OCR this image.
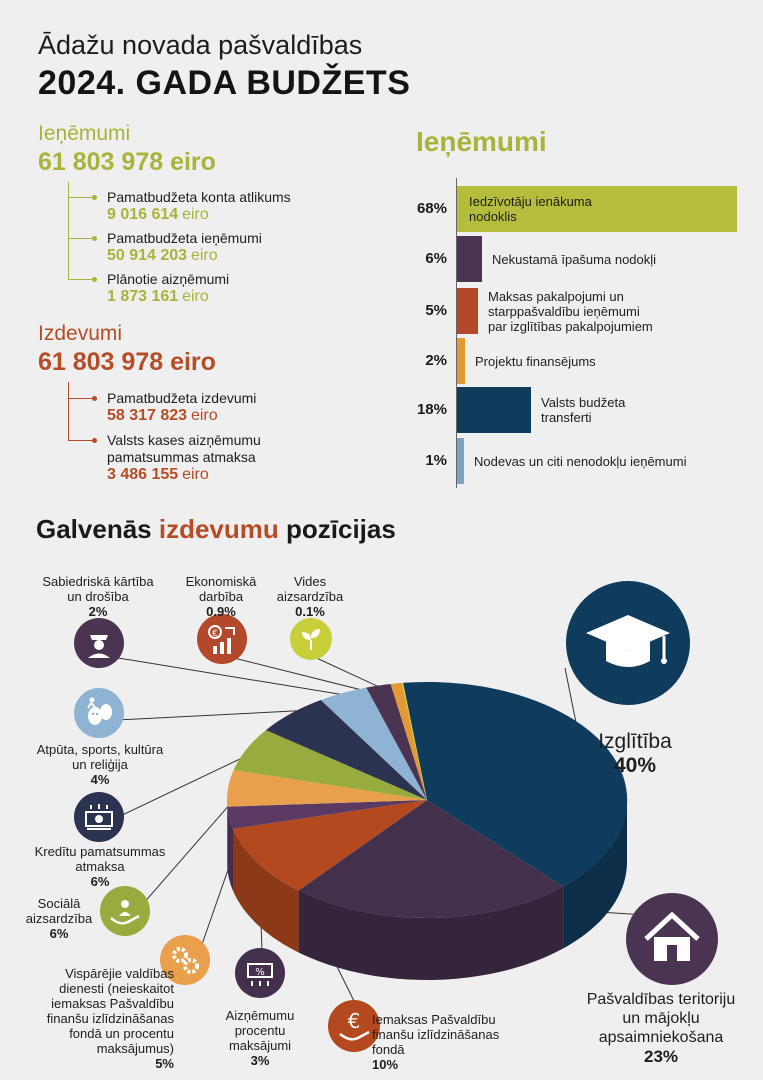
Ādažu novada pašvaldības
2024. GADA BUDŽETS
Ieņēmumi
61 803 978 eiro
Pamatbudžeta konta atlikums
9 016 614 eiro
Pamatbudžeta ieņēmumi
50 914 203 eiro
Plānotie aizņēmumi
1 873 161 eiro
Izdevumi
61 803 978 eiro
Pamatbudžeta izdevumi
58 317 823 eiro
Valsts kases aizņēmumu pamatsummas atmaksa
3 486 155 eiro
Ieņēmumi
68% Iedzīvotāju ienākuma
nodoklis
6%	Nekustamā īpašuma nodokļi
5%
Maksas pakalpojumi un
starppašvaldību ieņēmumi
par izglītības pakalpojumiem
2% Projektu finansējums
18%	Valsts budžeta
transferti
1% Nodevas un citi nenodokļu ieņēmumi
Galvenās izdevumu pozīcijas
€
%
€
Sabiedriskā kārtība
un drošība
2%
Ekonomiskā
darbība
0.9%
Vides
aizsardzība
0.1%
Atpūta, sports, kultūra
un reliģija
4%
Kredītu pamatsummas
atmaksa
6%
Sociālā
aizsardzība
6%
Vispārējie valdības
dienesti (neieskaitot
iemaksas Pašvaldību
finanšu izlīdzināšanas
fondā un procentu
maksājumus)
5%
Aizņēmumu
procentu
maksājumi
3%
Iemaksas Pašvaldību
finanšu izlīdzināšanas
fondā
10%
Izglītība
40%
Pašvaldības teritoriju
un mājokļu
apsaimniekošana
23%
